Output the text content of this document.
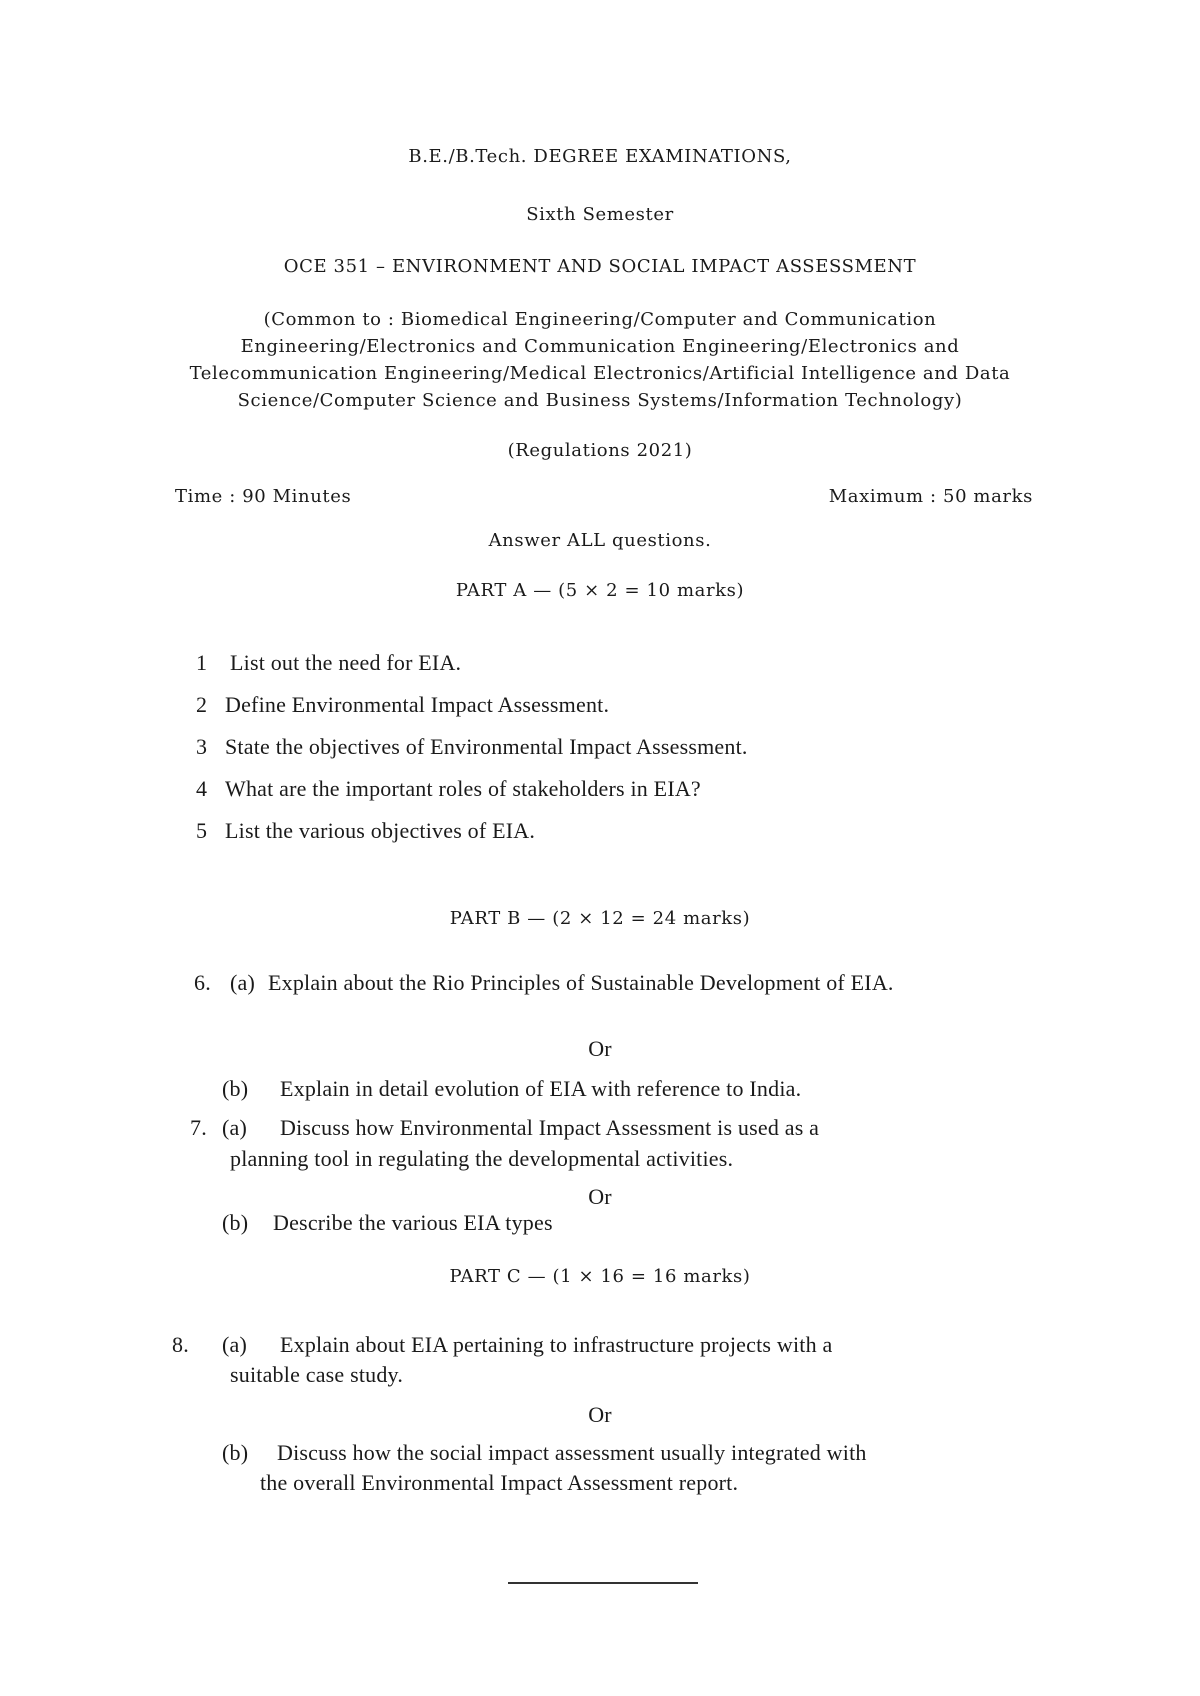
B.E./B.Tech. DEGREE EXAMINATIONS,
Sixth Semester
OCE 351 – ENVIRONMENT AND SOCIAL IMPACT ASSESSMENT
(Common to : Biomedical Engineering/Computer and Communication
Engineering/Electronics and Communication Engineering/Electronics and
Telecommunication Engineering/Medical Electronics/Artificial Intelligence and Data
Science/Computer Science and Business Systems/Information Technology)
(Regulations 2021)
Time : 90 Minutes	Maximum : 50 marks
Answer ALL questions.
PART A — (5 × 2 = 10 marks)
1 List out the need for EIA.
2 Define Environmental Impact Assessment.
3 State the objectives of Environmental Impact Assessment.
4 What are the important roles of stakeholders in EIA?
5 List the various objectives of EIA.
PART B — (2 × 12 = 24 marks)
6. (a) Explain about the Rio Principles of Sustainable Development of EIA.
Or
(b) Explain in detail evolution of EIA with reference to India.
7. (a) Discuss how Environmental Impact Assessment is used as a
planning tool in regulating the developmental activities.
Or
(b) Describe the various EIA types
PART C — (1 × 16 = 16 marks)
8. (a) Explain about EIA pertaining to infrastructure projects with a
suitable case study.
Or
(b) Discuss how the social impact assessment usually integrated with
the overall Environmental Impact Assessment report.
